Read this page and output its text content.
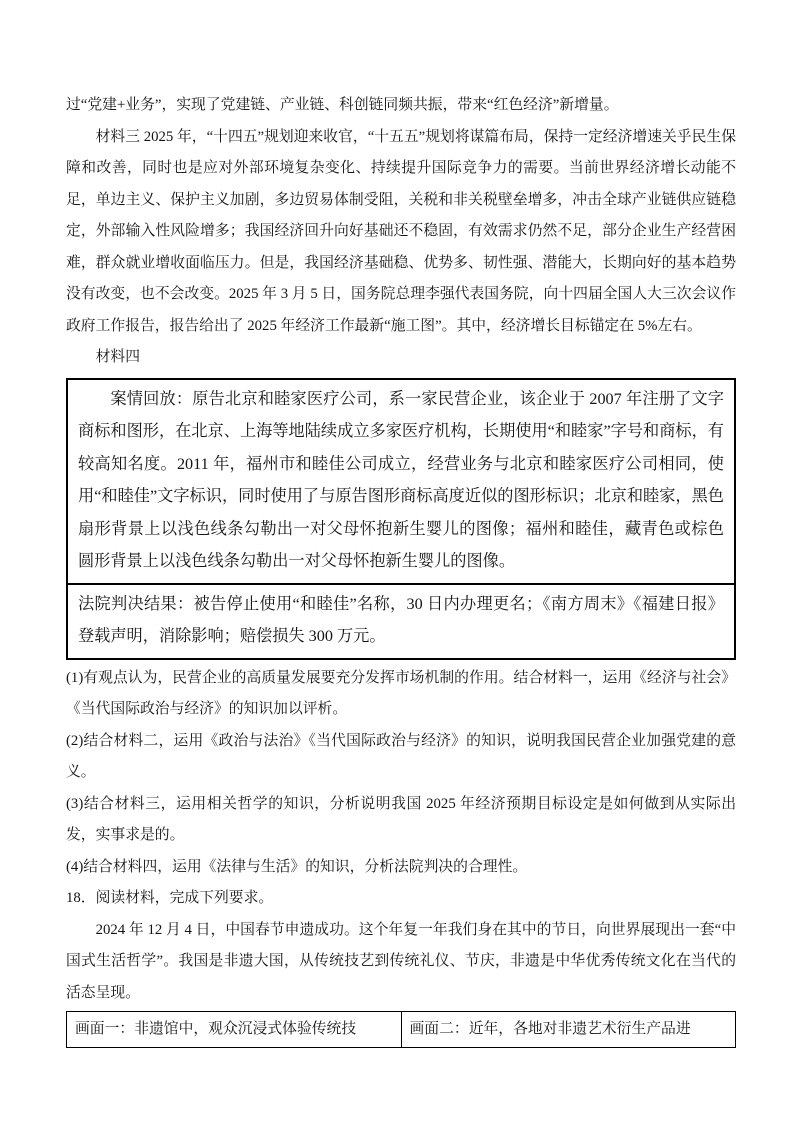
过“党建+业务”，实现了党建链、产业链、科创链同频共振，带来“红色经济”新增量。

材料三 2025 年，“十四五”规划迎来收官，“十五五”规划将谋篇布局，保持一定经济增速关乎民生保障和改善，同时也是应对外部环境复杂变化、持续提升国际竞争力的需要。当前世界经济增长动能不足，单边主义、保护主义加剧，多边贸易体制受阻，关税和非关税壁垒增多，冲击全球产业链供应链稳定，外部输入性风险增多；我国经济回升向好基础还不稳固，有效需求仍然不足，部分企业生产经营困难，群众就业增收面临压力。但是，我国经济基础稳、优势多、韧性强、潜能大，长期向好的基本趋势没有改变，也不会改变。2025 年 3 月 5 日，国务院总理李强代表国务院，向十四届全国人大三次会议作政府工作报告，报告给出了 2025 年经济工作最新“施工图”。其中，经济增长目标锚定在 5%左右。

材料四

案情回放：原告北京和睦家医疗公司，系一家民营企业，该企业于 2007 年注册了文字商标和图形，在北京、上海等地陆续成立多家医疗机构，长期使用“和睦家”字号和商标，有较高知名度。2011 年，福州市和睦佳公司成立，经营业务与北京和睦家医疗公司相同，使用“和睦佳”文字标识，同时使用了与原告图形商标高度近似的图形标识；北京和睦家，黑色扇形背景上以浅色线条勾勒出一对父母怀抱新生婴儿的图像；福州和睦佳，藏青色或棕色圆形背景上以浅色线条勾勒出一对父母怀抱新生婴儿的图像。
法院判决结果：被告停止使用“和睦佳”名称，30 日内办理更名；《南方周末》《福建日报》登载声明，消除影响；赔偿损失 300 万元。

(1)有观点认为，民营企业的高质量发展要充分发挥市场机制的作用。结合材料一，运用《经济与社会》《当代国际政治与经济》的知识加以评析。

(2)结合材料二，运用《政治与法治》《当代国际政治与经济》的知识，说明我国民营企业加强党建的意义。

(3)结合材料三，运用相关哲学的知识，分析说明我国 2025 年经济预期目标设定是如何做到从实际出发，实事求是的。

(4)结合材料四，运用《法律与生活》的知识，分析法院判决的合理性。

18．阅读材料，完成下列要求。

2024 年 12 月 4 日，中国春节申遗成功。这个年复一年我们身在其中的节日，向世界展现出一套“中国式生活哲学”。我国是非遗大国，从传统技艺到传统礼仪、节庆，非遗是中华优秀传统文化在当代的活态呈现。

画面一：非遗馆中，观众沉浸式体验传统技	画面二：近年，各地对非遗艺术衍生产品进
